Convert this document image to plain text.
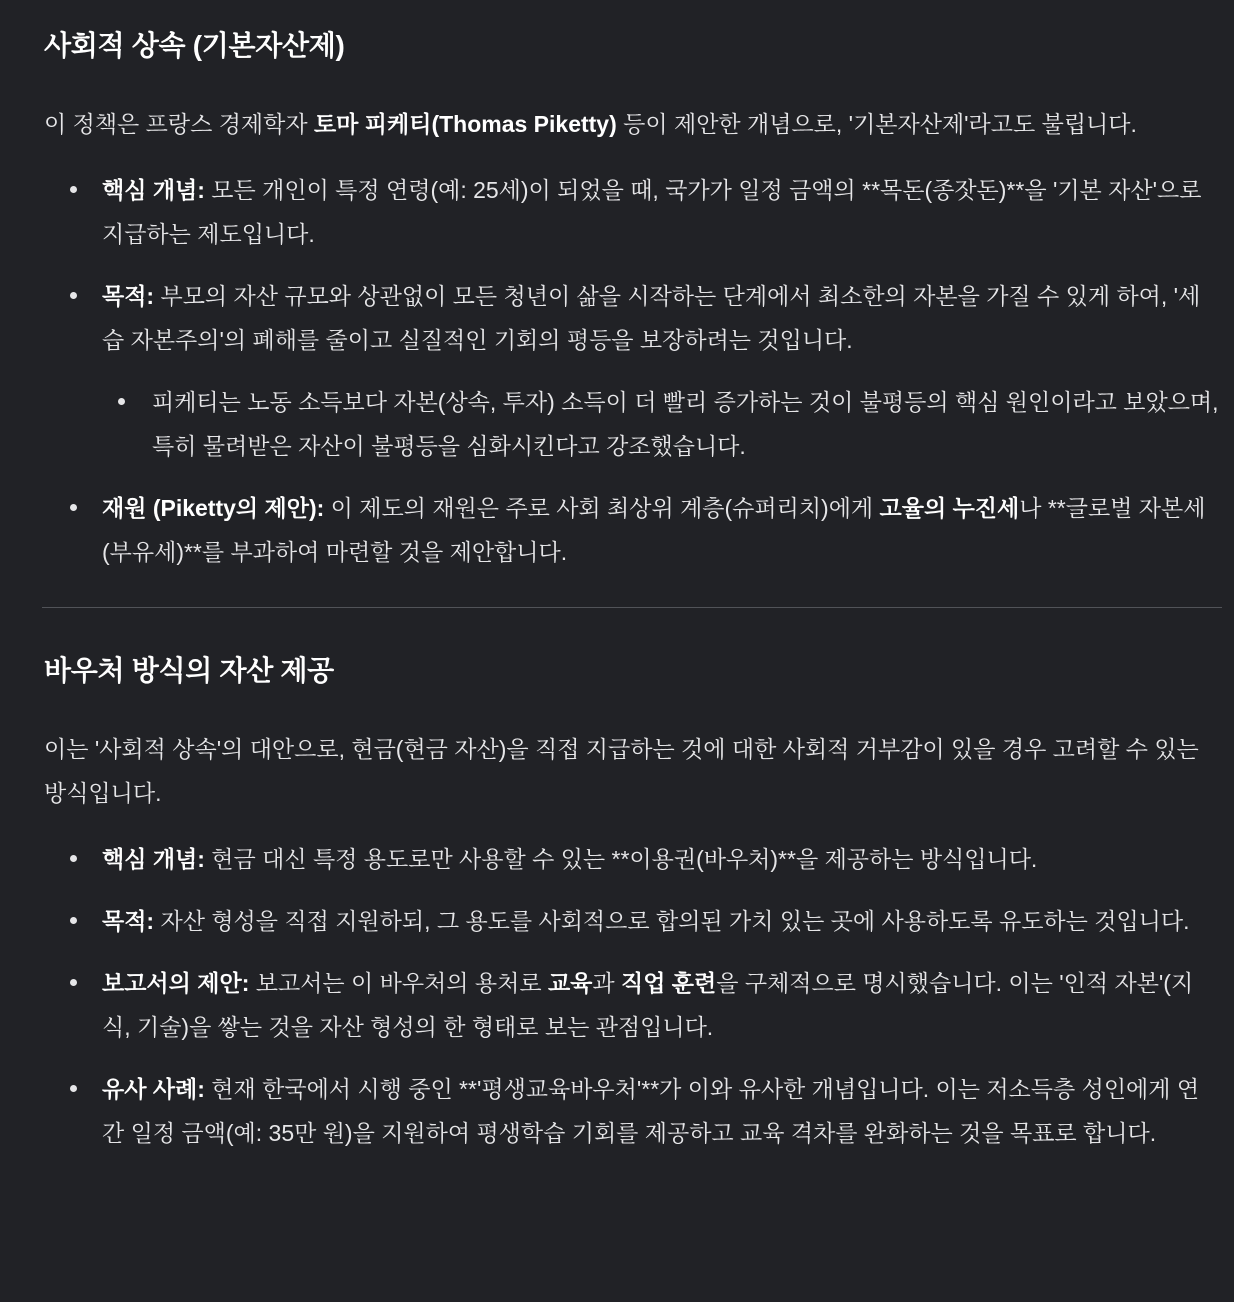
사회적 상속 (기본자산제)

이 정책은 프랑스 경제학자 토마 피케티(Thomas Piketty) 등이 제안한 개념으로, '기본자산제'라고도 불립니다.

핵심 개념: 모든 개인이 특정 연령(예: 25세)이 되었을 때, 국가가 일정 금액의 **목돈(종잣돈)**을 '기본 자산'으로 지급하는 제도입니다.
목적: 부모의 자산 규모와 상관없이 모든 청년이 삶을 시작하는 단계에서 최소한의 자본을 가질 수 있게 하여, '세습 자본주의'의 폐해를 줄이고 실질적인 기회의 평등을 보장하려는 것입니다.
피케티는 노동 소득보다 자본(상속, 투자) 소득이 더 빨리 증가하는 것이 불평등의 핵심 원인이라고 보았으며, 특히 물려받은 자산이 불평등을 심화시킨다고 강조했습니다.
재원 (Piketty의 제안): 이 제도의 재원은 주로 사회 최상위 계층(슈퍼리치)에게 고율의 누진세나 **글로벌 자본세(부유세)**를 부과하여 마련할 것을 제안합니다.
바우처 방식의 자산 제공

이는 '사회적 상속'의 대안으로, 현금(현금 자산)을 직접 지급하는 것에 대한 사회적 거부감이 있을 경우 고려할 수 있는 방식입니다.

핵심 개념: 현금 대신 특정 용도로만 사용할 수 있는 **이용권(바우처)**을 제공하는 방식입니다.
목적: 자산 형성을 직접 지원하되, 그 용도를 사회적으로 합의된 가치 있는 곳에 사용하도록 유도하는 것입니다.
보고서의 제안: 보고서는 이 바우처의 용처로 교육과 직업 훈련을 구체적으로 명시했습니다. 이는 '인적 자본'(지식, 기술)을 쌓는 것을 자산 형성의 한 형태로 보는 관점입니다.
유사 사례: 현재 한국에서 시행 중인 **'평생교육바우처'**가 이와 유사한 개념입니다. 이는 저소득층 성인에게 연간 일정 금액(예: 35만 원)을 지원하여 평생학습 기회를 제공하고 교육 격차를 완화하는 것을 목표로 합니다.
